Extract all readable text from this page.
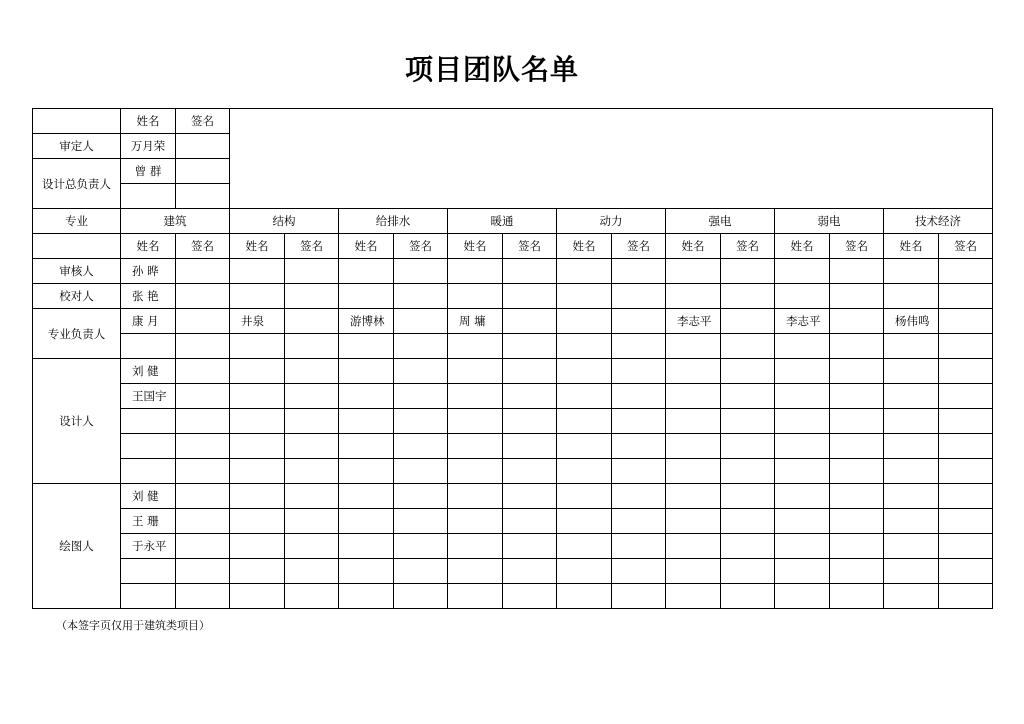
项目团队名单
	姓名	签名														
审定人	万月荣															
设计总负责人	曾 群															

专业	建筑		结构		给排水		暖通		动力		强电		弱电		技术经济	
	姓名	签名	姓名	签名	姓名	签名	姓名	签名	姓名	签名	姓名	签名	姓名	签名	姓名	签名
审核人	孙 晔															
校对人	张 艳															
专业负责人	康 月		井泉		游博林		周 墉				李志平		李志平		杨伟鸣	

设计人	刘 健															
	王国宇															

绘图人	刘 健															
	王 珊															
	于永平															

（本签字页仅用于建筑类项目）
